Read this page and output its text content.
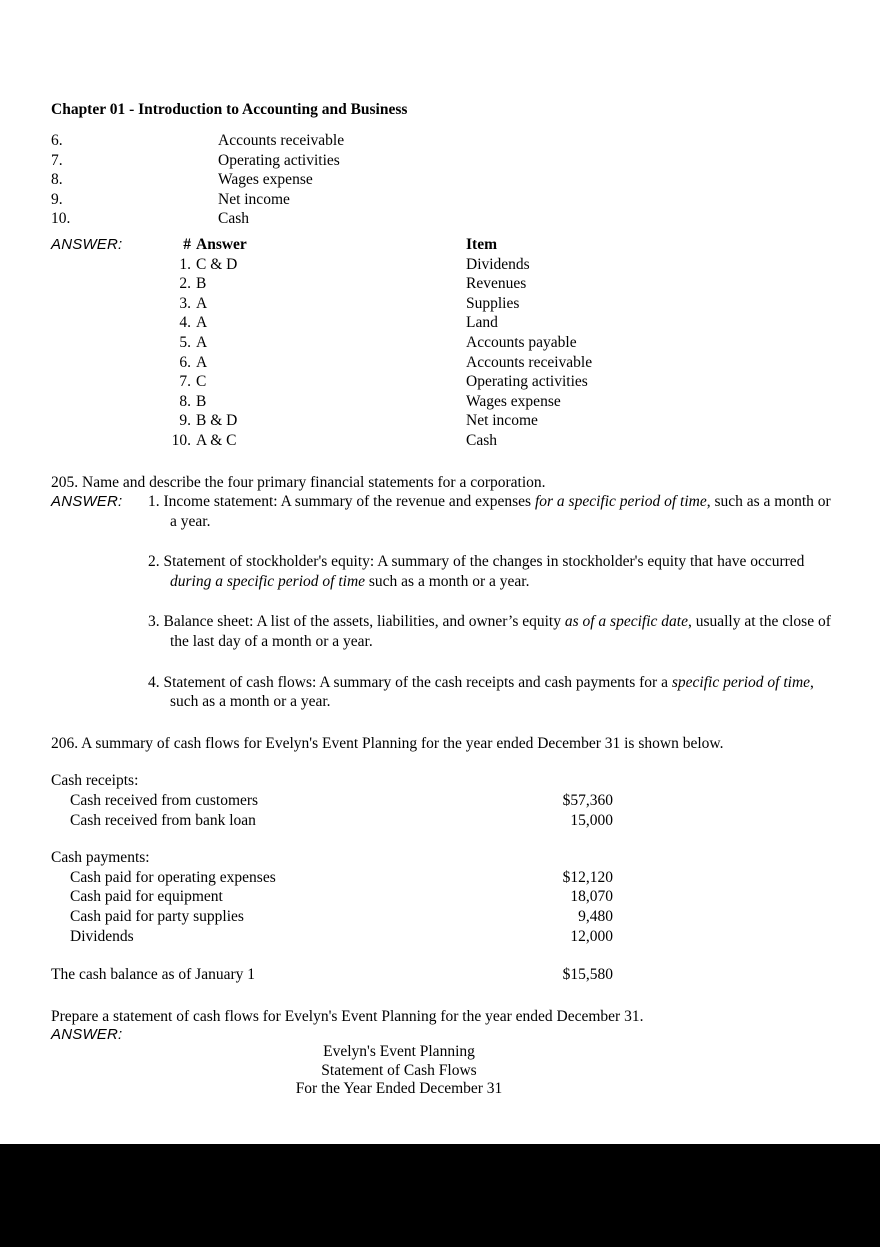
Chapter 01 - Introduction to Accounting and Business
6.	Accounts receivable
7.	Operating activities
8.	Wages expense
9.	Net income
10.	Cash
ANSWER:	# Answer	Item
1. C & D	Dividends
2. B	Revenues
3. A	Supplies
4. A	Land
5. A	Accounts payable
6. A	Accounts receivable
7. C	Operating activities
8. B	Wages expense
9. B & D	Net income
10. A & C	Cash
205. Name and describe the four primary financial statements for a corporation.
ANSWER:	1. Income statement: A summary of the revenue and expenses for a specific period of time, such as a month or a year.
2. Statement of stockholder's equity: A summary of the changes in stockholder's equity that have occurred during a specific period of time such as a month or a year.
3. Balance sheet: A list of the assets, liabilities, and owner’s equity as of a specific date, usually at the close of the last day of a month or a year.
4. Statement of cash flows: A summary of the cash receipts and cash payments for a specific period of time, such as a month or a year.
206. A summary of cash flows for Evelyn's Event Planning for the year ended December 31 is shown below.
Cash receipts:
Cash received from customers	$57,360
Cash received from bank loan	15,000
Cash payments:
Cash paid for operating expenses	$12,120
Cash paid for equipment	18,070
Cash paid for party supplies	9,480
Dividends	12,000
The cash balance as of January 1	$15,580
Prepare a statement of cash flows for Evelyn's Event Planning for the year ended December 31.
ANSWER:
Evelyn's Event Planning
Statement of Cash Flows
For the Year Ended December 31
